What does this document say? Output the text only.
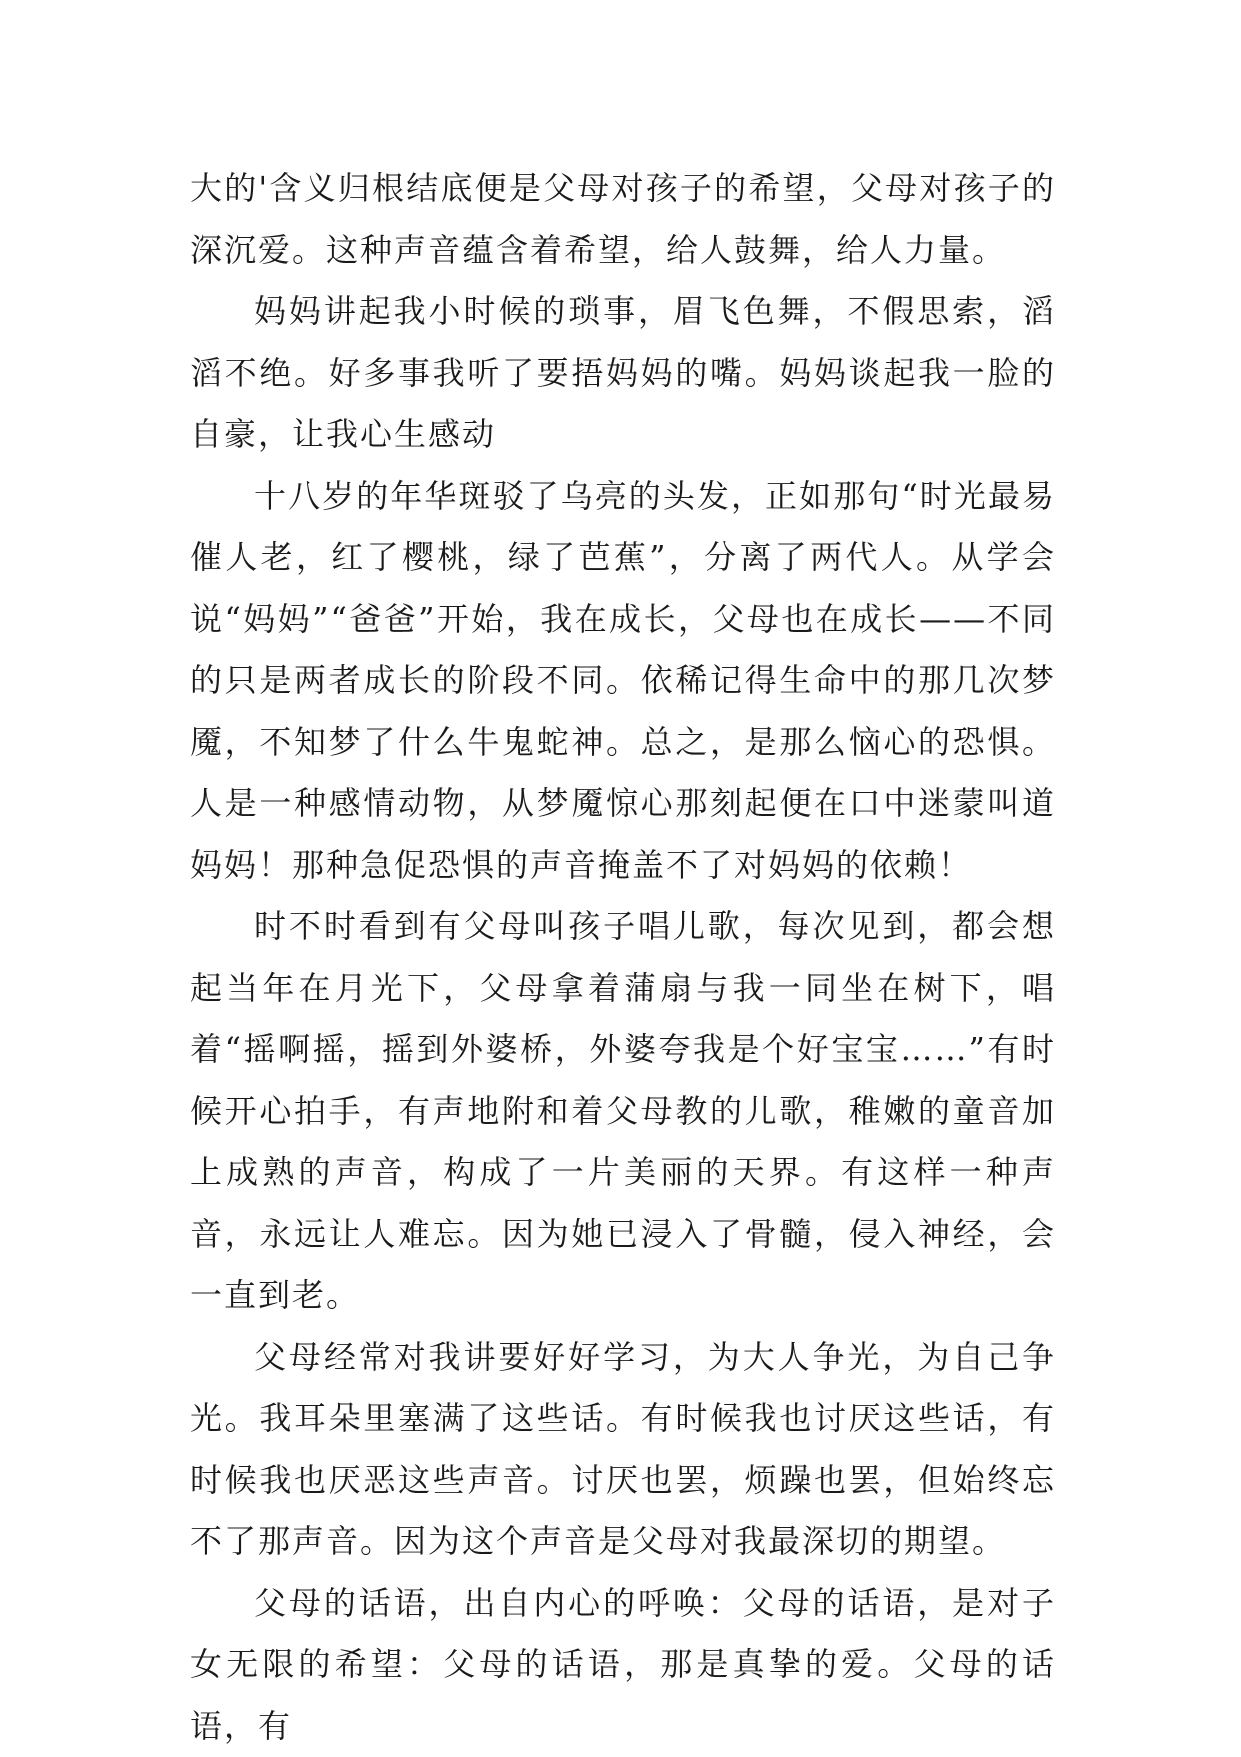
大的'含义归根结底便是父母对孩子的希望，父母对孩子的深沉爱。这种声音蕴含着希望，给人鼓舞，给人力量。

妈妈讲起我小时候的琐事，眉飞色舞，不假思索，滔滔不绝。好多事我听了要捂妈妈的嘴。妈妈谈起我一脸的自豪，让我心生感动

十八岁的年华斑驳了乌亮的头发，正如那句“时光最易催人老，红了樱桃，绿了芭蕉”，分离了两代人。从学会说“妈妈”“爸爸”开始，我在成长，父母也在成长——不同的只是两者成长的阶段不同。依稀记得生命中的那几次梦魇，不知梦了什么牛鬼蛇神。总之，是那么恼心的恐惧。人是一种感情动物，从梦魇惊心那刻起便在口中迷蒙叫道妈妈！那种急促恐惧的声音掩盖不了对妈妈的依赖！

时不时看到有父母叫孩子唱儿歌，每次见到，都会想起当年在月光下，父母拿着蒲扇与我一同坐在树下，唱着“摇啊摇，摇到外婆桥，外婆夸我是个好宝宝……”有时候开心拍手，有声地附和着父母教的儿歌，稚嫩的童音加上成熟的声音，构成了一片美丽的天界。有这样一种声音，永远让人难忘。因为她已浸入了骨髓，侵入神经，会一直到老。

父母经常对我讲要好好学习，为大人争光，为自己争光。我耳朵里塞满了这些话。有时候我也讨厌这些话，有时候我也厌恶这些声音。讨厌也罢，烦躁也罢，但始终忘不了那声音。因为这个声音是父母对我最深切的期望。

父母的话语，出自内心的呼唤：父母的话语，是对子女无限的希望：父母的话语，那是真挚的爱。父母的话语，有
